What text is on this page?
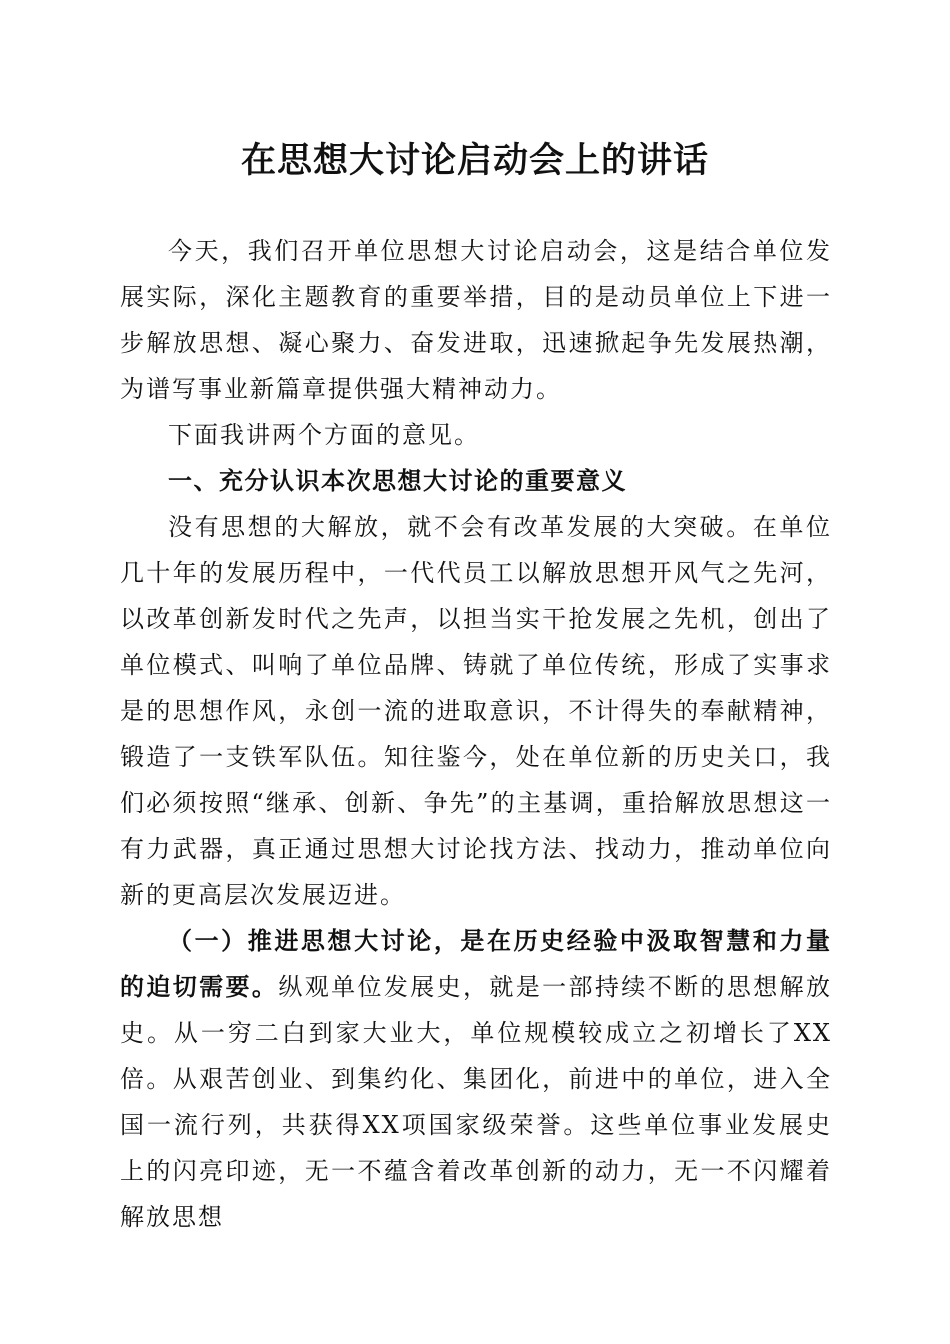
在思想大讨论启动会上的讲话

今天，我们召开单位思想大讨论启动会，这是结合单位发展实际，深化主题教育的重要举措，目的是动员单位上下进一步解放思想、凝心聚力、奋发进取，迅速掀起争先发展热潮，为谱写事业新篇章提供强大精神动力。

下面我讲两个方面的意见。

一、充分认识本次思想大讨论的重要意义

没有思想的大解放，就不会有改革发展的大突破。在单位几十年的发展历程中，一代代员工以解放思想开风气之先河，以改革创新发时代之先声，以担当实干抢发展之先机，创出了单位模式、叫响了单位品牌、铸就了单位传统，形成了实事求是的思想作风，永创一流的进取意识，不计得失的奉献精神，锻造了一支铁军队伍。知往鉴今，处在单位新的历史关口，我们必须按照“继承、创新、争先”的主基调，重拾解放思想这一有力武器，真正通过思想大讨论找方法、找动力，推动单位向新的更高层次发展迈进。

（一）推进思想大讨论，是在历史经验中汲取智慧和力量的迫切需要。纵观单位发展史，就是一部持续不断的思想解放史。从一穷二白到家大业大，单位规模较成立之初增长了XX倍。从艰苦创业、到集约化、集团化，前进中的单位，进入全国一流行列，共获得XX项国家级荣誉。这些单位事业发展史上的闪亮印迹，无一不蕴含着改革创新的动力，无一不闪耀着解放思想
